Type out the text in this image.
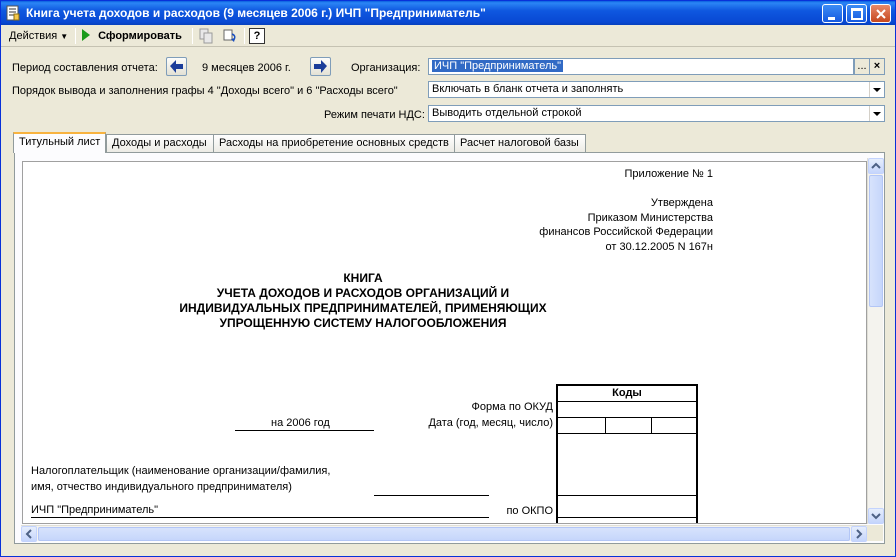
Книга учета доходов и расходов (9 месяцев 2006 г.) ИЧП "Предприниматель"
Действия ▼	Сформировать	?
Период составления отчета:	9 месяцев 2006 г.	Организация:	ИЧП "Предприниматель"	... ×
Порядок вывода и заполнения графы 4 "Доходы всего" и 6 "Расходы всего"	Включать в бланк отчета и заполнять
Режим печати НДС: Выводить отдельной строкой
Титульный лист	Доходы и расходы	Расходы на приобретение основных средств	Расчет налоговой базы
Приложение № 1
Утверждена
Приказом Министерства
финансов Российской Федерации
от 30.12.2005 N 167н
КНИГА
УЧЕТА ДОХОДОВ И РАСХОДОВ ОРГАНИЗАЦИЙ И
ИНДИВИДУАЛЬНЫХ ПРЕДПРИНИМАТЕЛЕЙ, ПРИМЕНЯЮЩИХ
УПРОЩЕННУЮ СИСТЕМУ НАЛОГООБЛОЖЕНИЯ
Коды
Форма по ОКУД
на 2006 год	Дата (год, месяц, число)
Налогоплательщик (наименование организации/фамилия,
имя, отчество индивидуального предпринимателя)
ИЧП "Предприниматель"	по ОКПО
